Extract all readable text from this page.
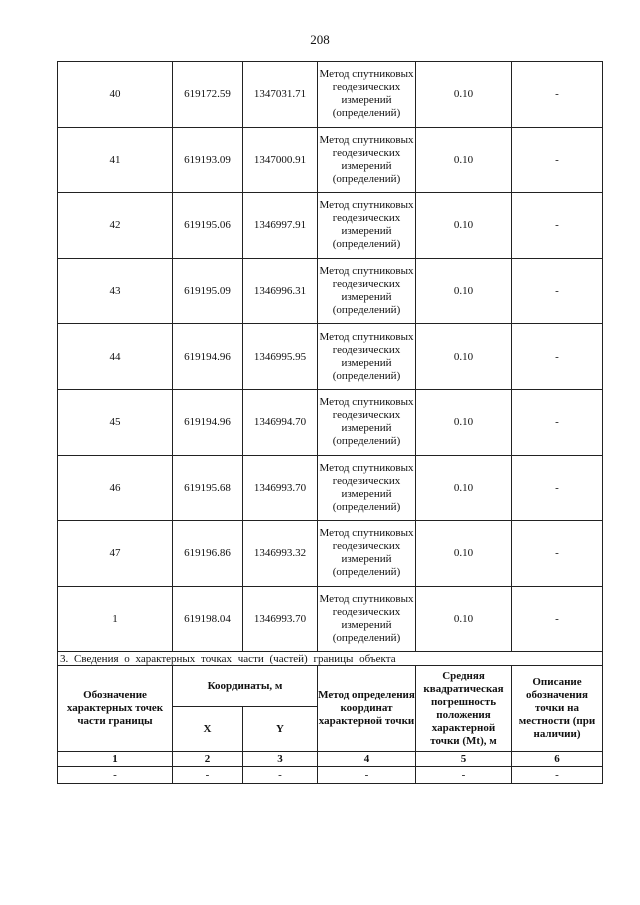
208
40	619172.59	1347031.71	Метод спутниковых геодезических измерений (определений)	0.10	-
41	619193.09	1347000.91	Метод спутниковых геодезических измерений (определений)	0.10	-
42	619195.06	1346997.91	Метод спутниковых геодезических измерений (определений)	0.10	-
43	619195.09	1346996.31	Метод спутниковых геодезических измерений (определений)	0.10	-
44	619194.96	1346995.95	Метод спутниковых геодезических измерений (определений)	0.10	-
45	619194.96	1346994.70	Метод спутниковых геодезических измерений (определений)	0.10	-
46	619195.68	1346993.70	Метод спутниковых геодезических измерений (определений)	0.10	-
47	619196.86	1346993.32	Метод спутниковых геодезических измерений (определений)	0.10	-
1	619198.04	1346993.70	Метод спутниковых геодезических измерений (определений)	0.10	-
3. Сведения о характерных точках части (частей) границы объекта					
Обозначение характерных точек части границы	Координаты, м		Метод определения координат характерной точки	Средняя квадратическая погрешность положения характерной точки (Mt), м	Описание обозначения точки на местности (при наличии)
	X	Y			
1	2	3	4	5	6
-	-	-	-	-	-
